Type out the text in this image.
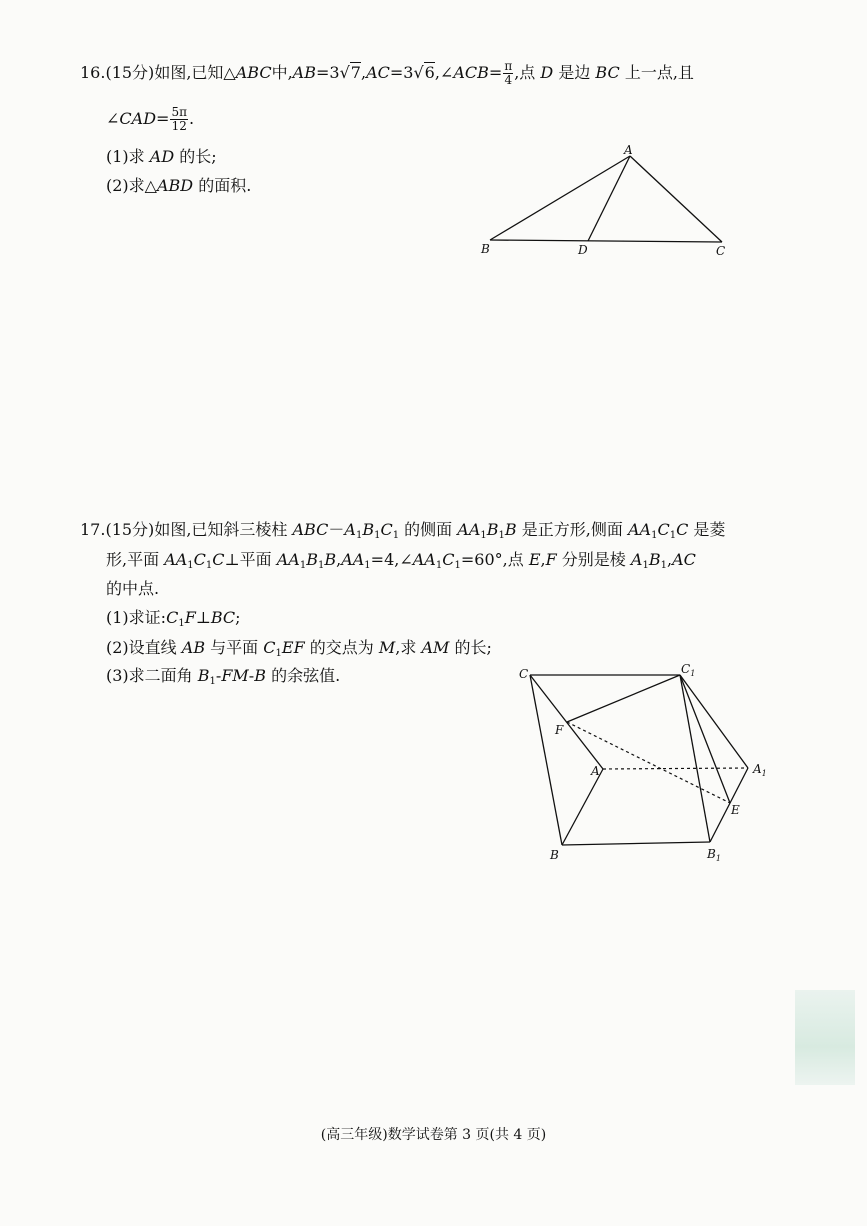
16.(15分)如图,已知△ABC中,AB=3√7,AC=3√6,∠ACB= $\frac{\pi}{4}$ ,点 D 是边 BC 上一点,且
∠CAD= $\frac{5\pi}{12}$ .
(1)求 AD 的长;
(2)求△ABD 的面积.
A
B	D	C
17.(15分)如图,已知斜三棱柱 $ABC-A_1B_1C_1$ 的侧面 $AA_1B_1B$ 是正方形,侧面 $AA_1C_1C$ 是菱
形,平面 $AA_1C_1C\perp$平面 $AA_1B_1B,AA_1=4,\angle AA_1C_1=60^\circ$,点 E,F 分别是棱 $A_1B_1,AC$
的中点.
(1)求证$:C_1F\perp BC$;
(2)设直线 AB 与平面 $C_1EF$ 的交点为 M,求 AM 的长;
(3)求二面角 $B_1-FM-B$ 的余弦值.	C	$C_1$
F
A	$A_1$
E
B	$B_1$
(高三年级)数学试卷第 3 页(共 4 页)
